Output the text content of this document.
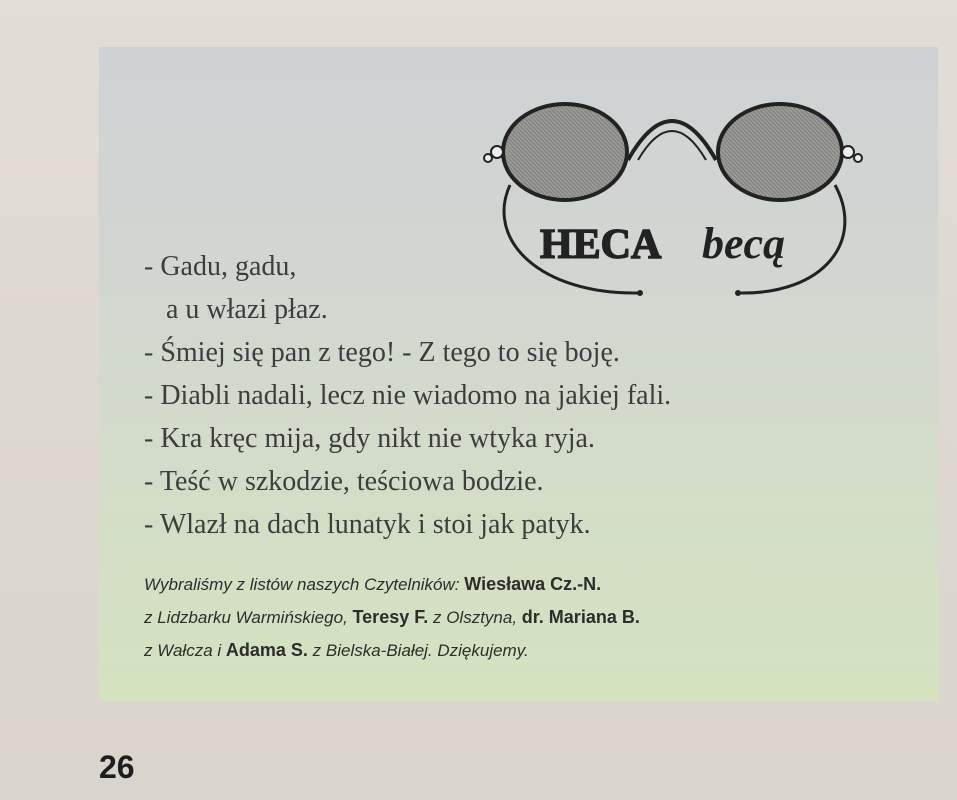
HECA becą
- Gadu, gadu,
a u włazi płaz.
- Śmiej się pan z tego! - Z tego to się boję.
- Diabli nadali, lecz nie wiadomo na jakiej fali.
- Kra kręc mija, gdy nikt nie wtyka ryja.
- Teść w szkodzie, teściowa bodzie.
- Wlazł na dach lunatyk i stoi jak patyk.
Wybraliśmy z listów naszych Czytelników: Wiesława Cz.-N.
z Lidzbarku Warmińskiego, Teresy F. z Olsztyna, dr. Mariana B.
z Wałcza i Adama S. z Bielska-Białej. Dziękujemy.
26
